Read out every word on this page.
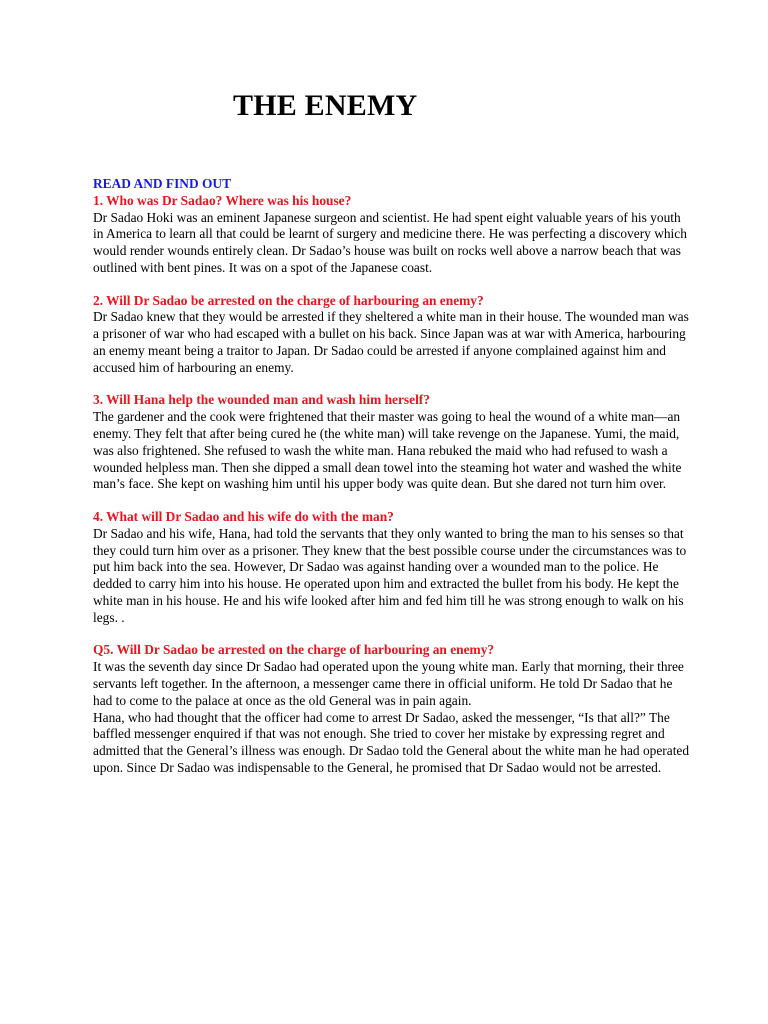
THE ENEMY

READ AND FIND OUT

1. Who was Dr Sadao? Where was his house?

Dr Sadao Hoki was an eminent Japanese surgeon and scientist. He had spent eight valuable years of his youth in America to learn all that could be learnt of surgery and medicine there. He was perfecting a discovery which would render wounds entirely clean. Dr Sadao’s house was built on rocks well above a narrow beach that was outlined with bent pines. It was on a spot of the Japanese coast.

2. Will Dr Sadao be arrested on the charge of harbouring an enemy?

Dr Sadao knew that they would be arrested if they sheltered a white man in their house. The wounded man was a prisoner of war who had escaped with a bullet on his back. Since Japan was at war with America, harbouring an enemy meant being a traitor to Japan. Dr Sadao could be arrested if anyone complained against him and accused him of harbouring an enemy.

3. Will Hana help the wounded man and wash him herself?

The gardener and the cook were frightened that their master was going to heal the wound of a white man—an enemy. They felt that after being cured he (the white man) will take revenge on the Japanese. Yumi, the maid, was also frightened. She refused to wash the white man. Hana rebuked the maid who had refused to wash a wounded helpless man. Then she dipped a small dean towel into the steaming hot water and washed the white man’s face. She kept on washing him until his upper body was quite dean. But she dared not turn him over.

4. What will Dr Sadao and his wife do with the man?

Dr Sadao and his wife, Hana, had told the servants that they only wanted to bring the man to his senses so that they could turn him over as a prisoner. They knew that the best possible course under the circumstances was to put him back into the sea. However, Dr Sadao was against handing over a wounded man to the police. He dedded to carry him into his house. He operated upon him and extracted the bullet from his body. He kept the white man in his house. He and his wife looked after him and fed him till he was strong enough to walk on his legs. .

Q5. Will Dr Sadao be arrested on the charge of harbouring an enemy?

It was the seventh day since Dr Sadao had operated upon the young white man. Early that morning, their three servants left together. In the afternoon, a messenger came there in official uniform. He told Dr Sadao that he had to come to the palace at once as the old General was in pain again.

Hana, who had thought that the officer had come to arrest Dr Sadao, asked the messenger, “Is that all?” The baffled messenger enquired if that was not enough. She tried to cover her mistake by expressing regret and admitted that the General’s illness was enough. Dr Sadao told the General about the white man he had operated upon. Since Dr Sadao was indispensable to the General, he promised that Dr Sadao would not be arrested.
